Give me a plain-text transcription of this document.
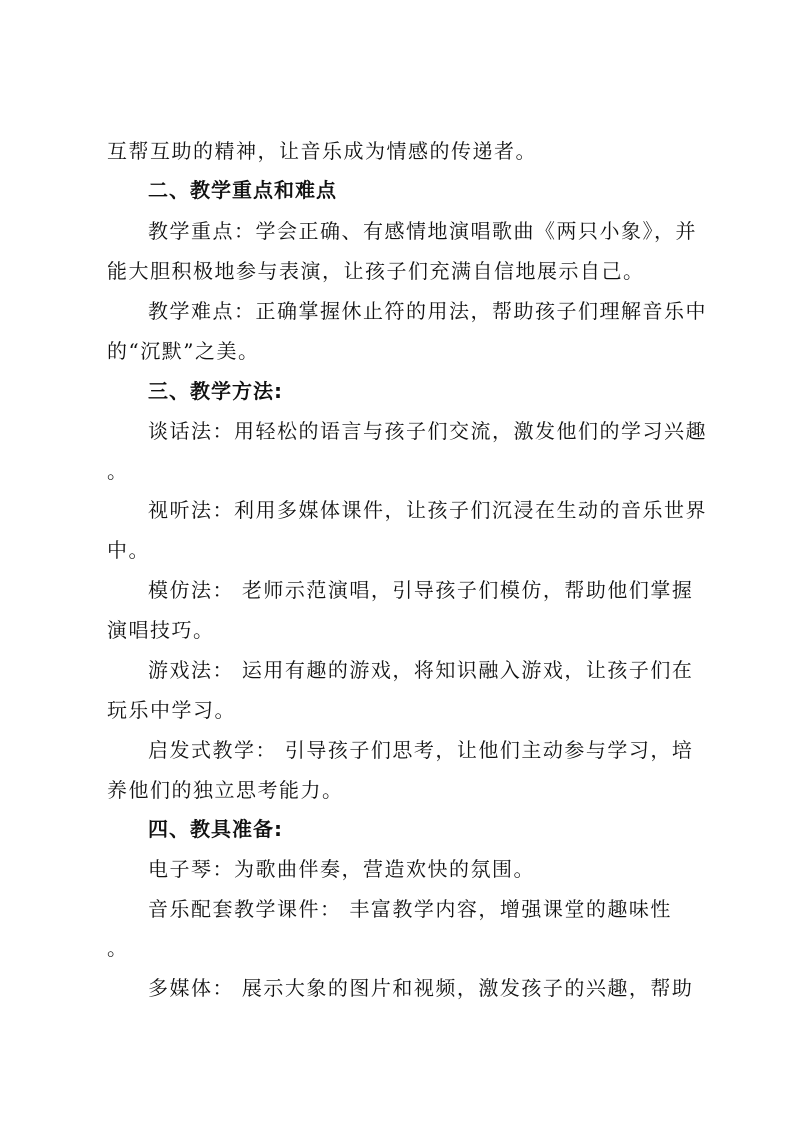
互帮互助的精神，让音乐成为情感的传递者。
二、教学重点和难点
教学重点：学会正确、有感情地演唱歌曲《两只小象》，并
能大胆积极地参与表演，让孩子们充满自信地展示自己。
教学难点：正确掌握休止符的用法，帮助孩子们理解音乐中
的“沉默”之美。
三、教学方法:
谈话法：用轻松的语言与孩子们交流，激发他们的学习兴趣
。
视听法：利用多媒体课件，让孩子们沉浸在生动的音乐世界
中。
模仿法： 老师示范演唱，引导孩子们模仿，帮助他们掌握
演唱技巧。
游戏法： 运用有趣的游戏，将知识融入游戏，让孩子们在
玩乐中学习。
启发式教学： 引导孩子们思考，让他们主动参与学习，培
养他们的独立思考能力。
四、教具准备:
电子琴：为歌曲伴奏，营造欢快的氛围。
音乐配套教学课件： 丰富教学内容，增强课堂的趣味性
。
多媒体： 展示大象的图片和视频，激发孩子的兴趣，帮助
